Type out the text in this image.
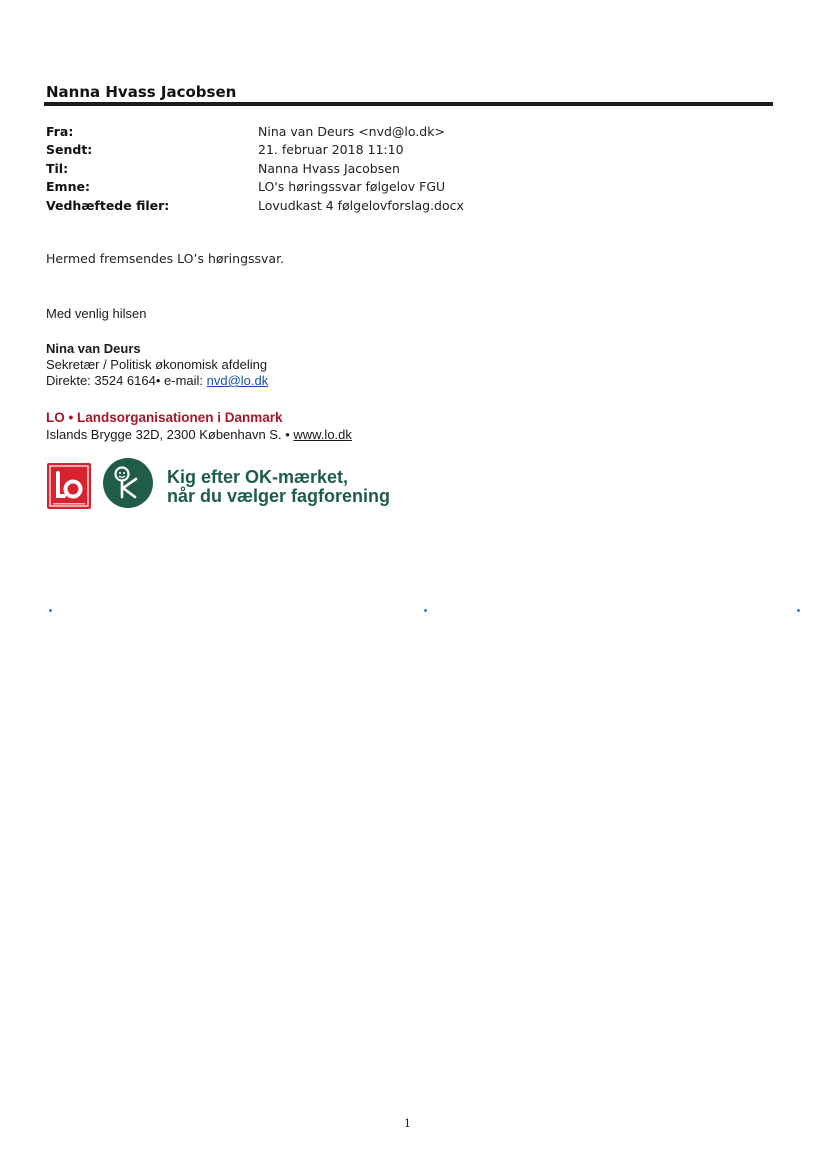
Nanna Hvass Jacobsen
Fra:	Nina van Deurs <nvd@lo.dk>
Sendt:	21. februar 2018 11:10
Til:	Nanna Hvass Jacobsen
Emne:	LO's høringssvar følgelov FGU
Vedhæftede filer:	Lovudkast 4 følgelovforslag.docx
Hermed fremsendes LO’s høringssvar.
Med venlig hilsen
Nina van Deurs
Sekretær / Politisk økonomisk afdeling
Direkte: 3524 6164• e-mail: nvd@lo.dk
LO • Landsorganisationen i Danmark
Islands Brygge 32D, 2300 København S. • www.lo.dk
Kig efter OK-mærket,
når du vælger fagforening
1
